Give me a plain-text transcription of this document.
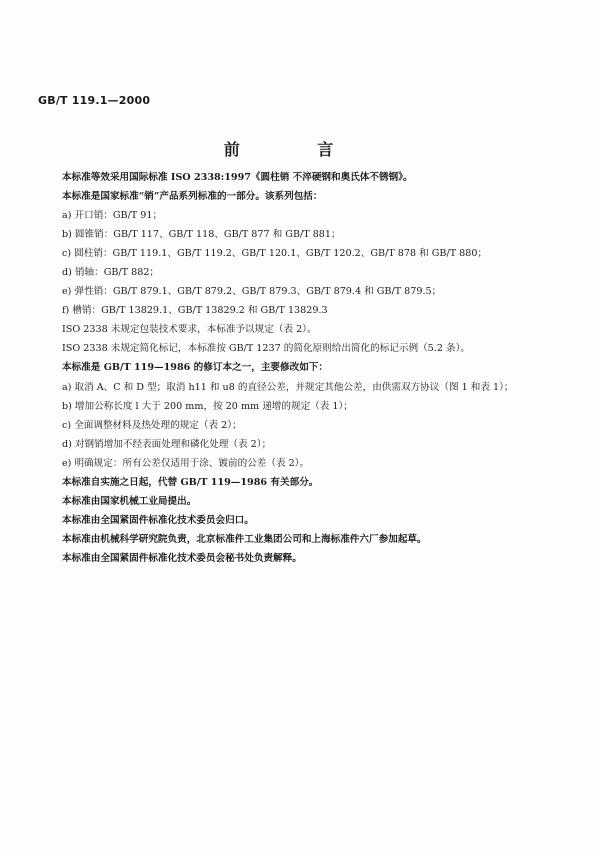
GB/T 119.1—2000
前 言
本标准等效采用国际标准 ISO 2338:1997《圆柱销 不淬硬钢和奥氏体不锈钢》。
本标准是国家标准“销”产品系列标准的一部分。该系列包括：
a) 开口销：GB/T 91；
b) 圆锥销：GB/T 117、GB/T 118、GB/T 877 和 GB/T 881；
c) 圆柱销：GB/T 119.1、GB/T 119.2、GB/T 120.1、GB/T 120.2、GB/T 878 和 GB/T 880；
d) 销轴：GB/T 882；
e) 弹性销：GB/T 879.1、GB/T 879.2、GB/T 879.3、GB/T 879.4 和 GB/T 879.5；
f) 槽销：GB/T 13829.1、GB/T 13829.2 和 GB/T 13829.3
ISO 2338 未规定包装技术要求，本标准予以规定（表 2）。
ISO 2338 未规定简化标记，本标准按 GB/T 1237 的简化原则给出简化的标记示例（5.2 条）。
本标准是 GB/T 119—1986 的修订本之一，主要修改如下：
a) 取消 A、C 和 D 型；取消 h11 和 u8 的直径公差，并规定其他公差，由供需双方协议（图 1 和表 1）；
b) 增加公称长度 l 大于 200 mm，按 20 mm 递增的规定（表 1）；
c) 全面调整材料及热处理的规定（表 2）；
d) 对钢销增加不经表面处理和磷化处理（表 2）；
e) 明确规定：所有公差仅适用于涂、镀前的公差（表 2）。
本标准自实施之日起，代替 GB/T 119—1986 有关部分。
本标准由国家机械工业局提出。
本标准由全国紧固件标准化技术委员会归口。
本标准由机械科学研究院负责，北京标准件工业集团公司和上海标准件六厂参加起草。
本标准由全国紧固件标准化技术委员会秘书处负责解释。
